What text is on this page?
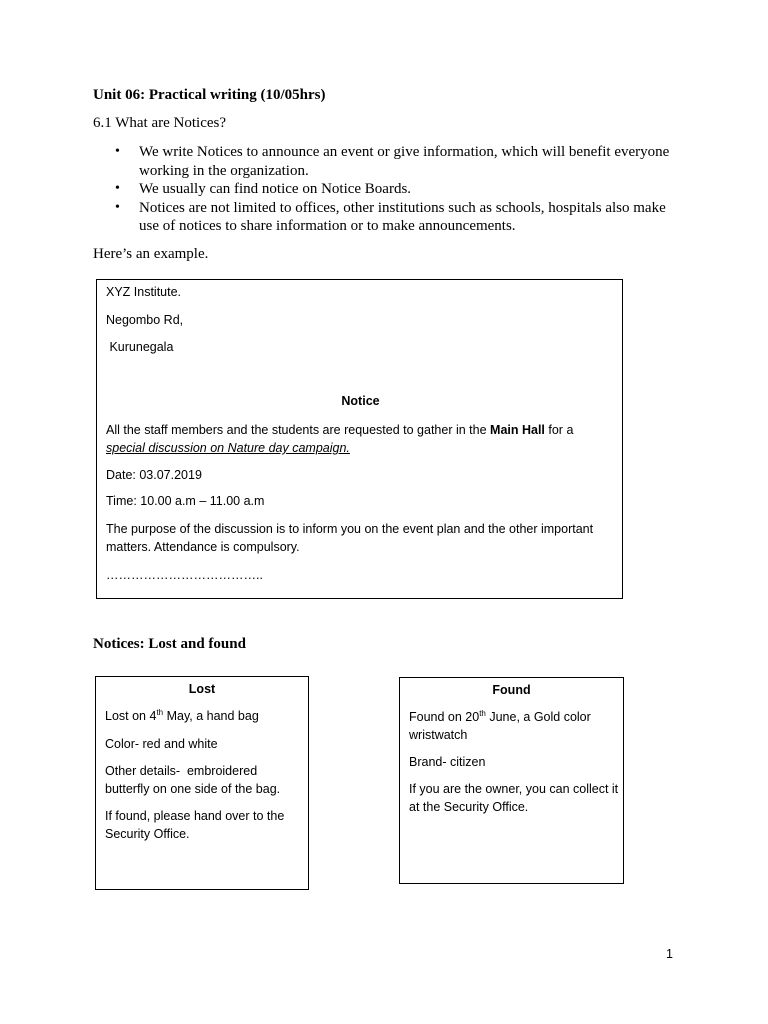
Unit 06: Practical writing (10/05hrs)
6.1 What are Notices?
• We write Notices to announce an event or give information, which will benefit everyone working in the organization.
• We usually can find notice on Notice Boards.
• Notices are not limited to offices, other institutions such as schools, hospitals also make use of notices to share information or to make announcements.
Here’s an example.

XYZ Institute.

Negombo Rd,

Kurunegala

Notice

All the staff members and the students are requested to gather in the Main Hall for a special discussion on Nature day campaign.

Date: 03.07.2019

Time: 10.00 a.m – 11.00 a.m

The purpose of the discussion is to inform you on the event plan and the other important matters. Attendance is compulsory.

………………………………..

Notices: Lost and found
Lost

Lost on 4th May, a hand bag

Color- red and white

Other details-  embroidered butterfly on one side of the bag.

If found, please hand over to the Security Office.

Found

Found on 20th June, a Gold color wristwatch

Brand- citizen

If you are the owner, you can collect it at the Security Office.

1
